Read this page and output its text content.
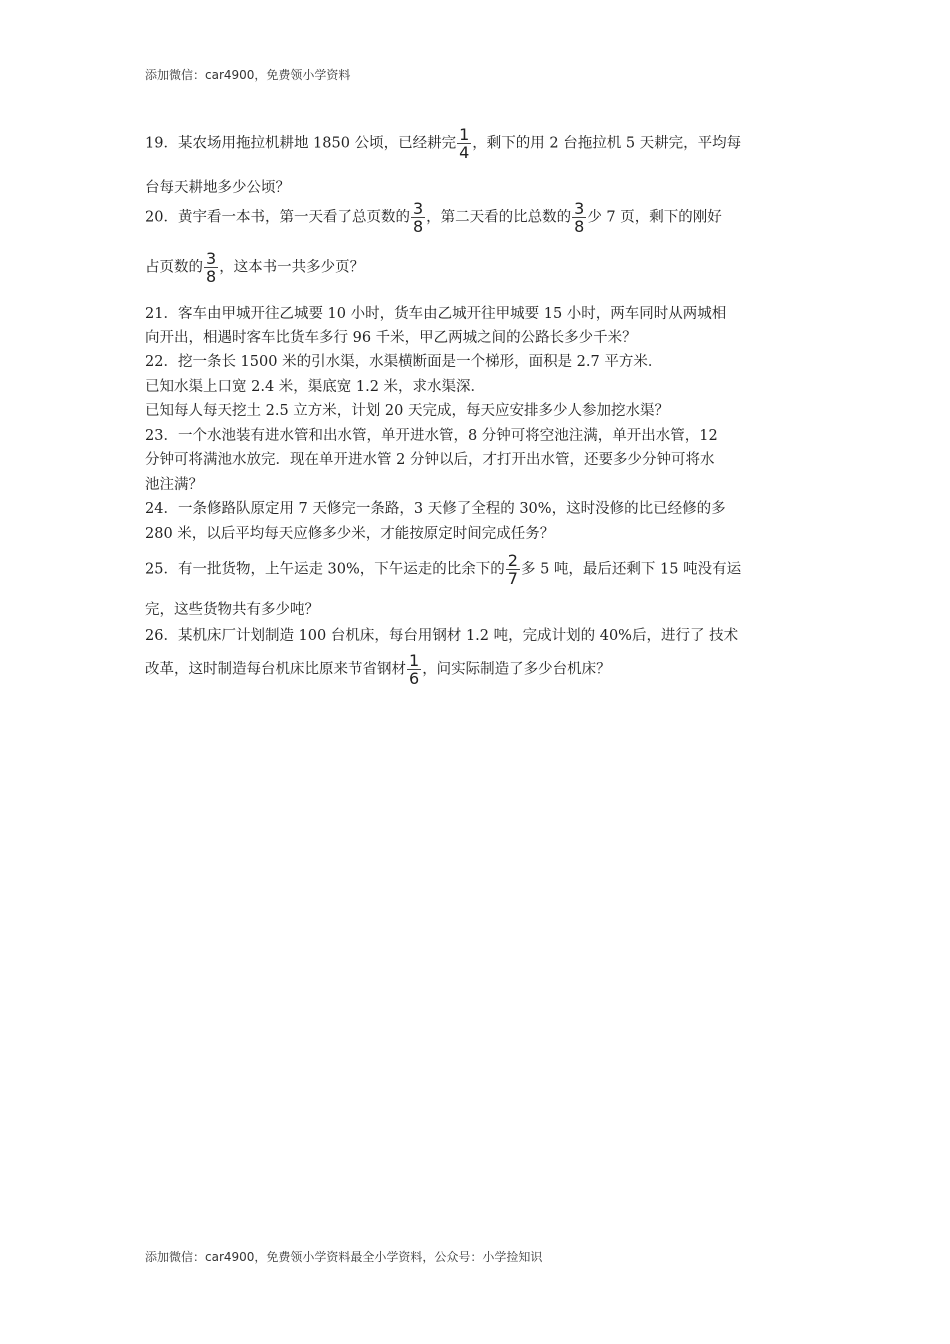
添加微信：car4900，免费领小学资料
19．某农场用拖拉机耕地 1850 公顷，已经耕完 $\frac{1}{4}$ ，剩下的用 2 台拖拉机 5 天耕完，平均每
台每天耕地多少公顷？
20．黄宇看一本书，第一天看了总页数的 $\frac{3}{8}$ ，第二天看的比总数的 $\frac{3}{8}$ 少 7 页，剩下的刚好
占页数的 $\frac{3}{8}$ ，这本书一共多少页？
21．客车由甲城开往乙城要 10 小时，货车由乙城开往甲城要 15 小时，两车同时从两城相
向开出，相遇时客车比货车多行 96 千米，甲乙两城之间的公路长多少千米？
22．挖一条长 1500 米的引水渠，水渠横断面是一个梯形，面积是 2.7 平方米．
已知水渠上口宽 2.4 米，渠底宽 1.2 米，求水渠深．
已知每人每天挖土 2.5 立方米，计划 20 天完成，每天应安排多少人参加挖水渠？
23．一个水池装有进水管和出水管，单开进水管，8 分钟可将空池注满，单开出水管，12
分钟可将满池水放完．现在单开进水管 2 分钟以后，才打开出水管，还要多少分钟可将水
池注满？
24．一条修路队原定用 7 天修完一条路，3 天修了全程的 30%，这时没修的比已经修的多
280 米，以后平均每天应修多少米，才能按原定时间完成任务？
25．有一批货物，上午运走 30%，下午运走的比余下的 $\frac{2}{7}$ 多 5 吨，最后还剩下 15 吨没有运
完，这些货物共有多少吨？
26．某机床厂计划制造 100 台机床，每台用钢材 1.2 吨，完成计划的 40%后，进行了 技术
改革，这时制造每台机床比原来节省钢材 $\frac{1}{6}$ ，问实际制造了多少台机床？
添加微信：car4900，免费领小学资料最全小学资料，公众号：小学捡知识
